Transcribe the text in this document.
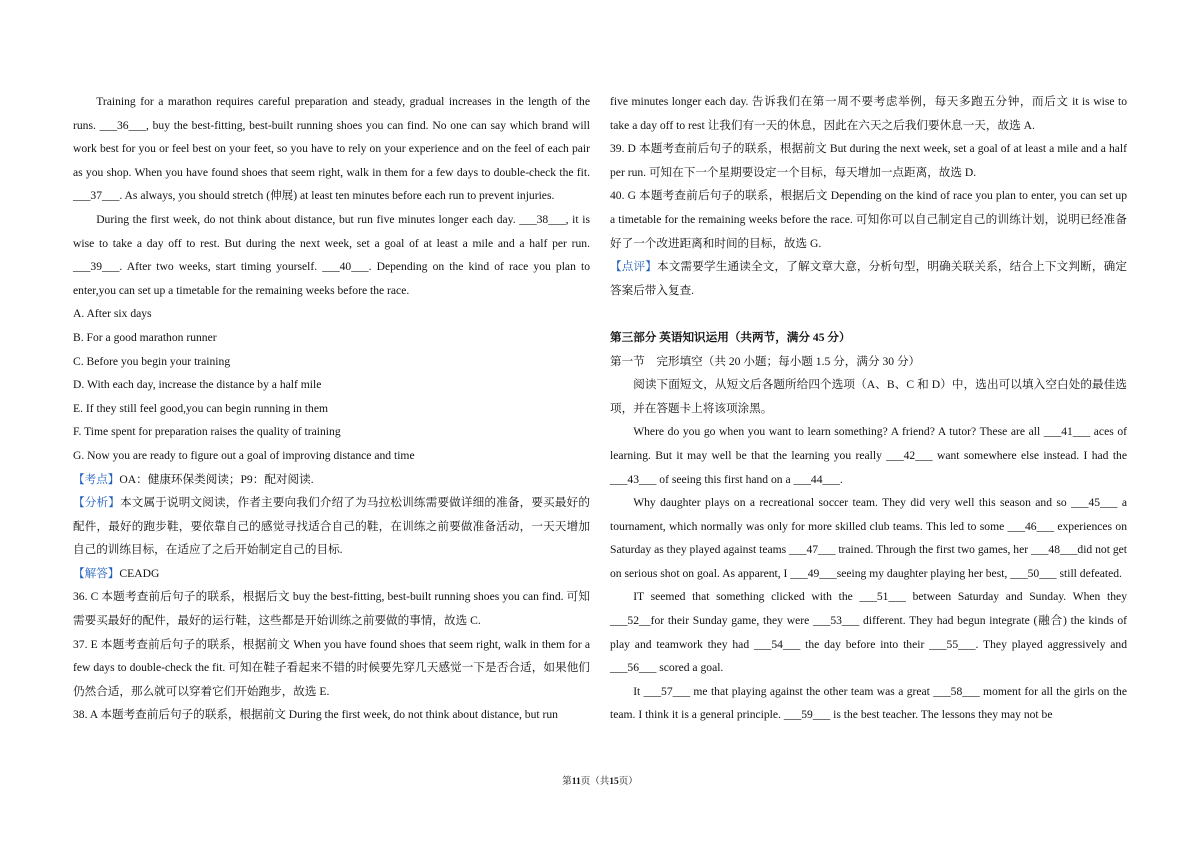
Training for a marathon requires careful preparation and steady, gradual increases in the length of the runs. ___36___, buy the best-fitting, best-built running shoes you can find. No one can say which brand will work best for you or feel best on your feet, so you have to rely on your experience and on the feel of each pair as you shop. When you have found shoes that seem right, walk in them for a few days to double-check the fit. ___37___. As always, you should stretch (伸展) at least ten minutes before each run to prevent injuries.

During the first week, do not think about distance, but run five minutes longer each day. ___38___, it is wise to take a day off to rest. But during the next week, set a goal of at least a mile and a half per run. ___39___. After two weeks, start timing yourself. ___40___. Depending on the kind of race you plan to enter,you can set up a timetable for the remaining weeks before the race.

A. After six days

B. For a good marathon runner

C. Before you begin your training

D. With each day, increase the distance by a half mile

E. If they still feel good,you can begin running in them

F. Time spent for preparation raises the quality of training

G. Now you are ready to figure out a goal of improving distance and time

【考点】OA：健康环保类阅读；P9：配对阅读.

【分析】本文属于说明文阅读，作者主要向我们介绍了为马拉松训练需要做详细的准备，要买最好的配件，最好的跑步鞋，要依靠自己的感觉寻找适合自己的鞋，在训练之前要做准备活动，一天天增加自己的训练目标，在适应了之后开始制定自己的目标.

【解答】CEADG

36. C 本题考查前后句子的联系，根据后文 buy the best-fitting, best-built running shoes you can find. 可知需要买最好的配件，最好的运行鞋，这些都是开始训练之前要做的事情，故选 C.

37. E 本题考查前后句子的联系，根据前文 When you have found shoes that seem right, walk in them for a few days to double-check the fit. 可知在鞋子看起来不错的时候要先穿几天感觉一下是否合适，如果他们仍然合适，那么就可以穿着它们开始跑步，故选 E.

38. A 本题考查前后句子的联系，根据前文 During the first week, do not think about distance, but run

five minutes longer each day. 告诉我们在第一周不要考虑举例，每天多跑五分钟，而后文 it is wise to take a day off to rest 让我们有一天的休息，因此在六天之后我们要休息一天，故选 A.

39. D 本题考查前后句子的联系，根据前文 But during the next week, set a goal of at least a mile and a half per run. 可知在下一个星期要设定一个目标，每天增加一点距离，故选 D.

40. G 本题考查前后句子的联系，根据后文 Depending on the kind of race you plan to enter, you can set up a timetable for the remaining weeks before the race. 可知你可以自己制定自己的训练计划，说明已经准备好了一个改进距离和时间的目标，故选 G.

【点评】本文需要学生通读全文，了解文章大意，分析句型，明确关联关系，结合上下文判断，确定答案后带入复查.

第三部分 英语知识运用（共两节，满分 45 分）

第一节　完形填空（共 20 小题；每小题 1.5 分，满分 30 分）

阅读下面短文，从短文后各题所给四个选项（A、B、C 和 D）中，选出可以填入空白处的最佳选项，并在答题卡上将该项涂黑。

Where do you go when you want to learn something? A friend? A tutor? These are all ___41___ aces of learning. But it may well be that the learning you really ___42___ want somewhere else instead. I had the ___43___ of seeing this first hand on a ___44___.

Why daughter plays on a recreational soccer team. They did very well this season and so ___45___ a tournament, which normally was only for more skilled club teams. This led to some ___46___ experiences on Saturday as they played against teams ___47___ trained. Through the first two games, her ___48___did not get on serious shot on goal. As apparent, I ___49___seeing my daughter playing her best, ___50___ still defeated.

IT seemed that something clicked with the ___51___ between Saturday and Sunday. When they ___52__for their Sunday game, they were ___53___ different. They had begun integrate (融合) the kinds of play and teamwork they had ___54___ the day before into their ___55___. They played aggressively and ___56___ scored a goal.

It ___57___ me that playing against the other team was a great ___58___ moment for all the girls on the team. I think it is a general principle. ___59___ is the best teacher. The lessons they may not be

第11页（共15页）
